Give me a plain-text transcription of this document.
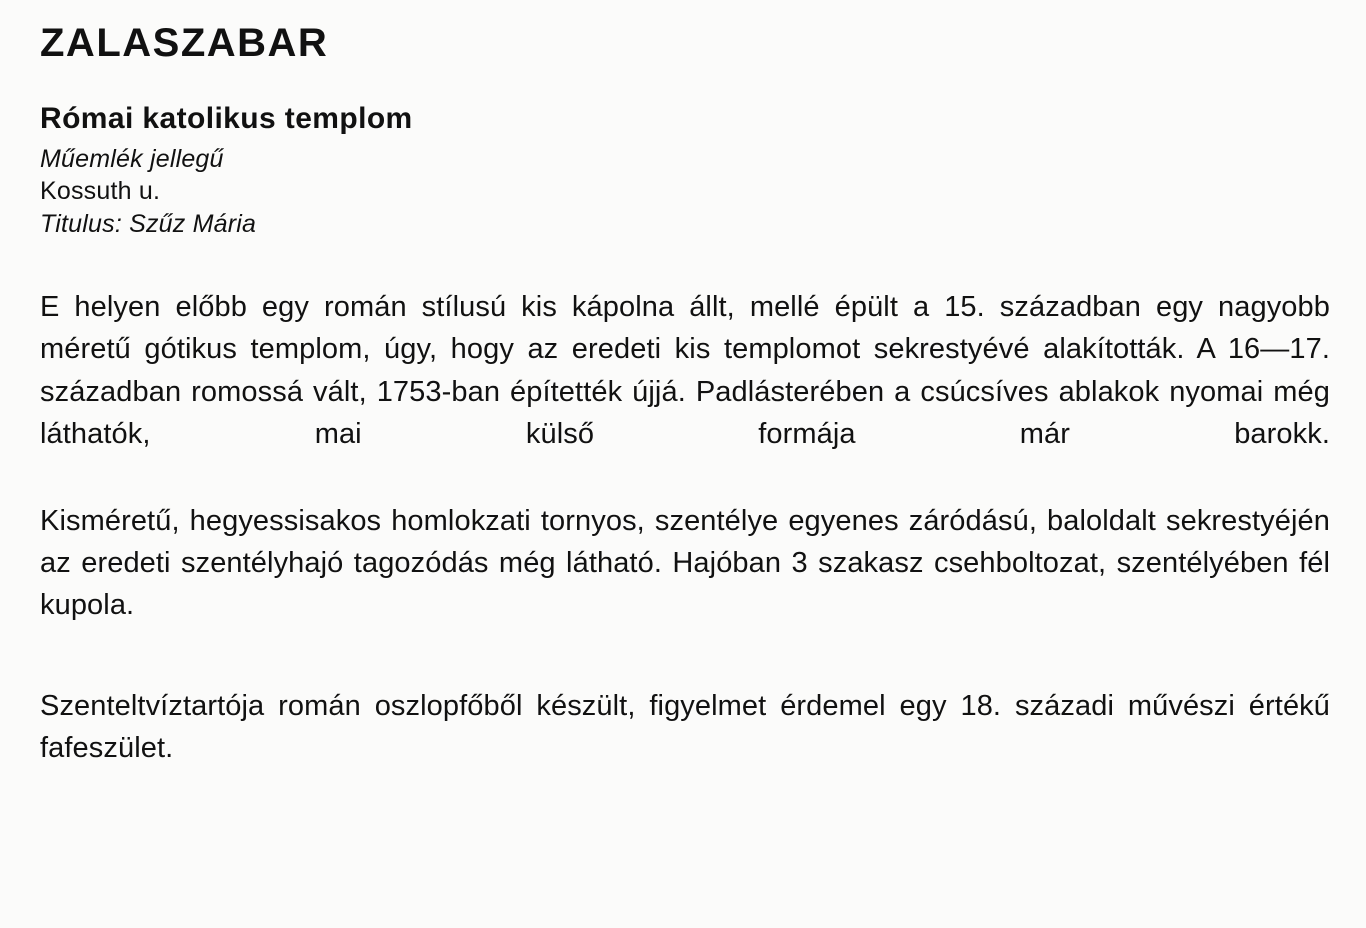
ZALASZABAR
Római katolikus templom

Műemlék jellegű

Kossuth u.

Titulus: Szűz Mária

E helyen előbb egy román stílusú kis kápolna állt, mellé épült a 15. században egy nagyobb méretű gótikus templom, úgy, hogy az eredeti kis templomot sekrestyévé alakították. A 16—17. században romossá vált, 1753-ban építették újjá. Padlásterében a csúcsíves ablakok nyomai még láthatók, mai külső formája már barokk.

Kisméretű, hegyessisakos homlokzati tornyos, szentélye egyenes záródású, baloldalt sekrestyéjén az eredeti szentélyhajó tagozódás még látható. Hajóban 3 szakasz csehboltozat, szentélyében fél kupola.

Szenteltvíztartója román oszlopfőből készült, figyelmet érdemel egy 18. századi művészi értékű fafeszület.
